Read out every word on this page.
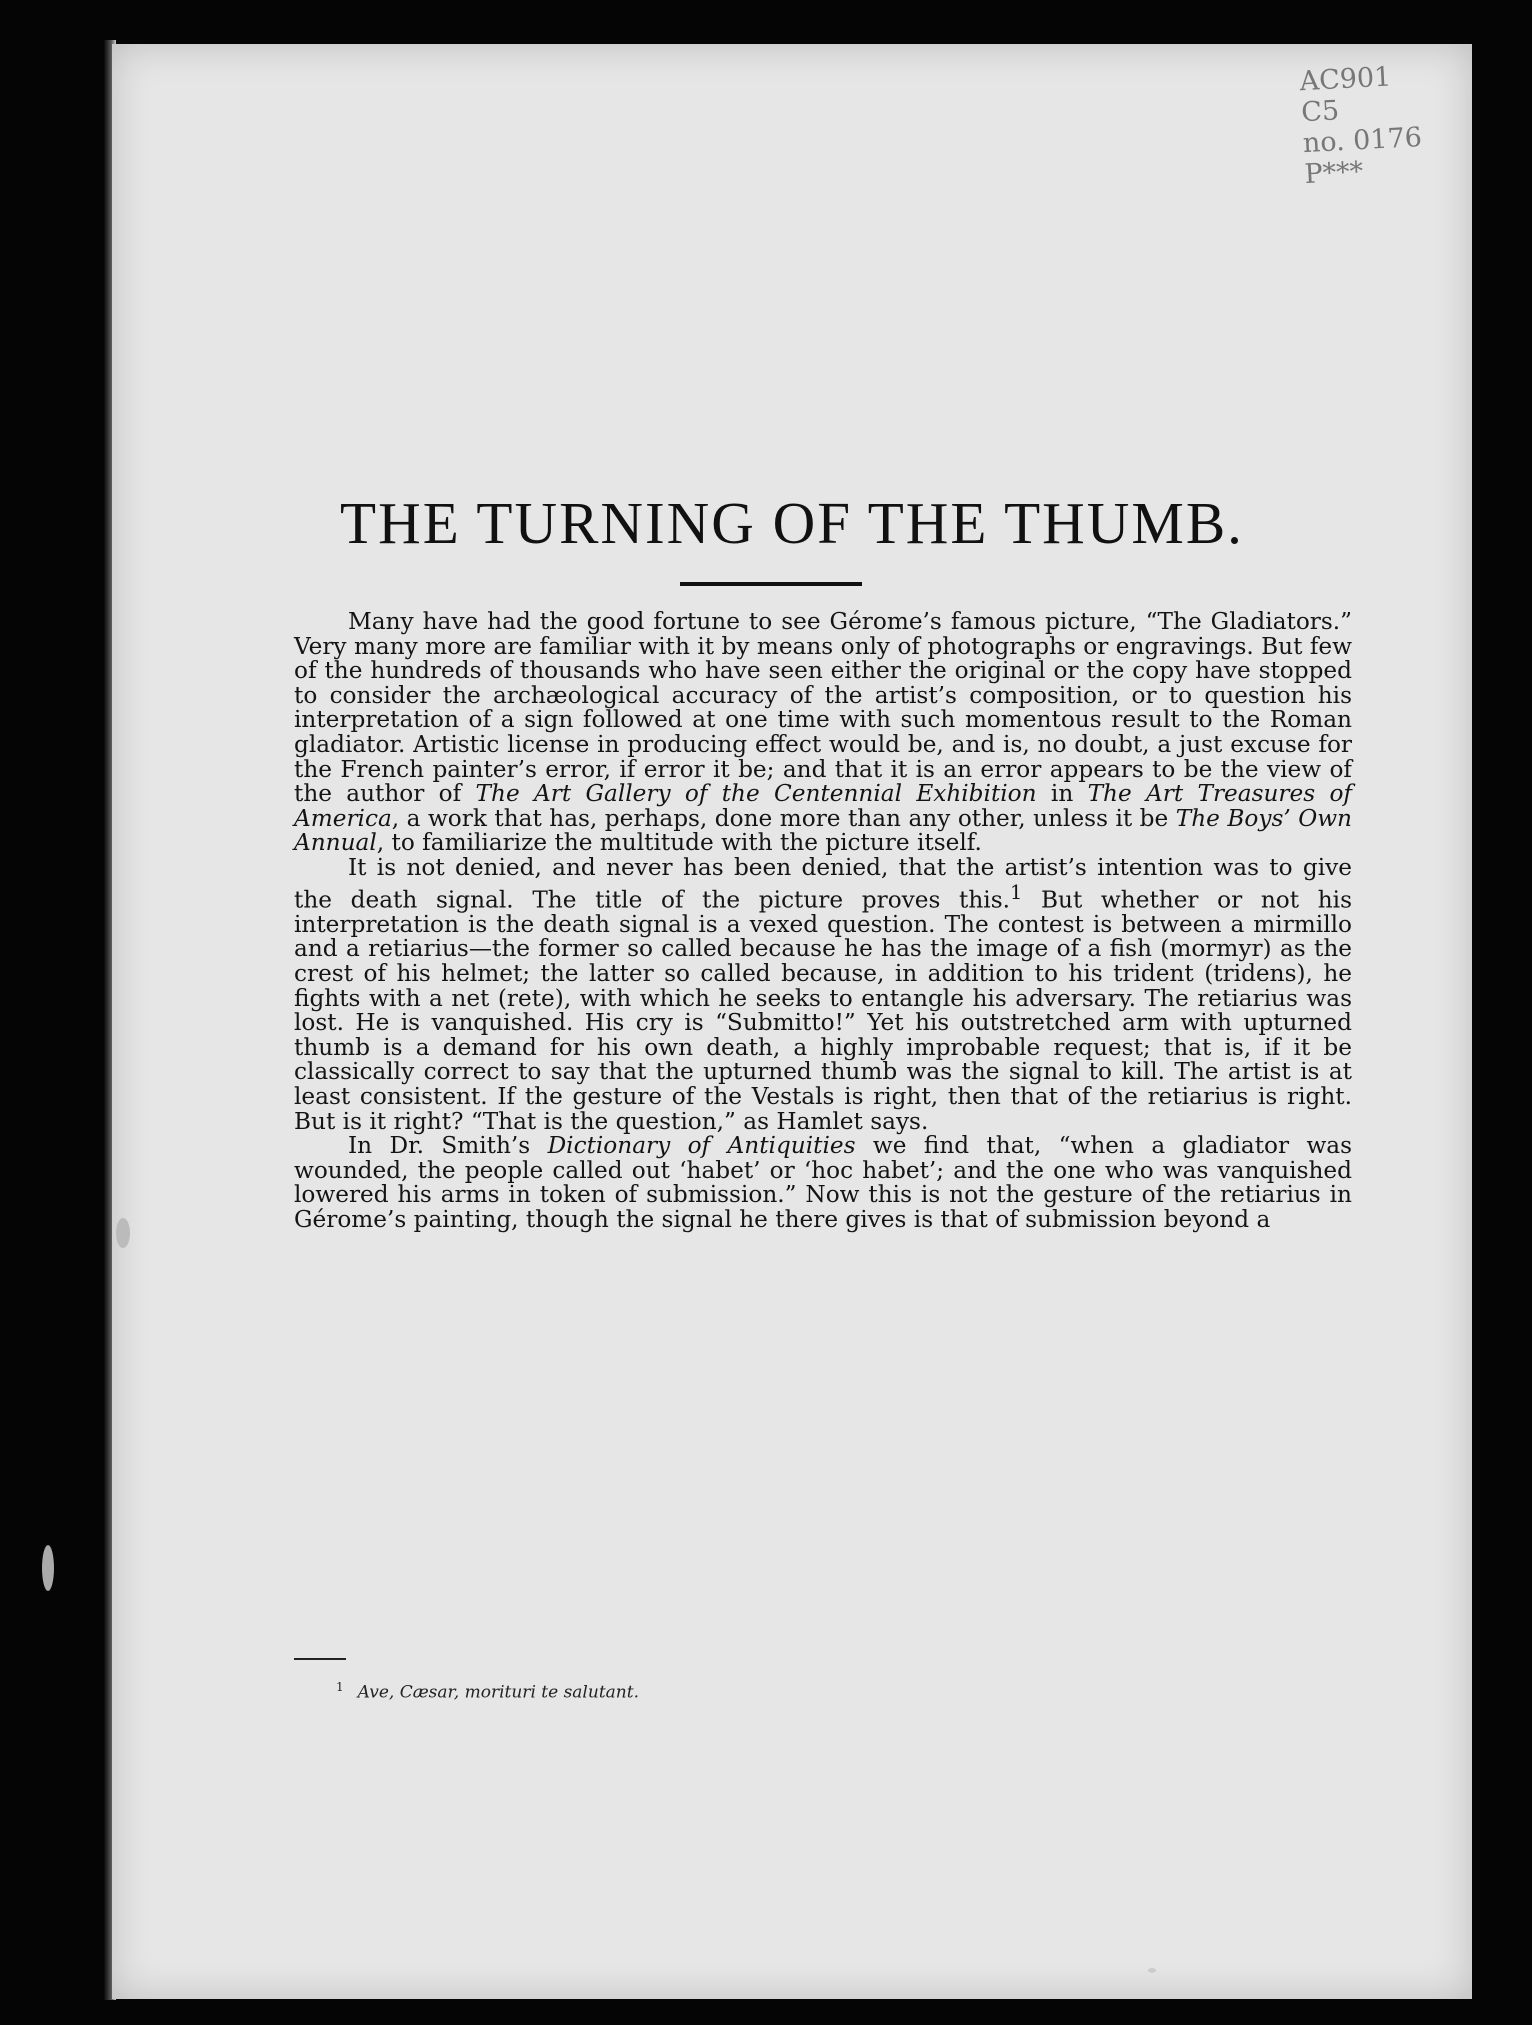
AC901
C5
no. 0176
P***
THE TURNING OF THE THUMB.

Many have had the good fortune to see Gérome’s famous picture, “The Gladiators.” Very many more are familiar with it by means only of photographs or engravings. But few of the hundreds of thousands who have seen either the original or the copy have stopped to consider the archæological accuracy of the artist’s composition, or to question his interpretation of a sign followed at one time with such momentous result to the Roman gladiator. Artistic license in producing effect would be, and is, no doubt, a just excuse for the French painter’s error, if error it be; and that it is an error appears to be the view of the author of The Art Gallery of the Centennial Exhibition in The Art Treasures of America, a work that has, perhaps, done more than any other, unless it be The Boys’ Own Annual, to familiarize the multitude with the picture itself.

It is not denied, and never has been denied, that the artist’s intention was to give the death signal. The title of the picture proves this.$^1$ But whether or not his interpretation is the death signal is a vexed question. The contest is between a mirmillo and a retiarius—the former so called because he has the image of a fish (mormyr) as the crest of his helmet; the latter so called because, in addition to his trident (tridens), he fights with a net (rete), with which he seeks to entangle his adversary. The retiarius was lost. He is vanquished. His cry is “Submitto!” Yet his outstretched arm with upturned thumb is a demand for his own death, a highly improbable request; that is, if it be classically correct to say that the upturned thumb was the signal to kill. The artist is at least consistent. If the gesture of the Vestals is right, then that of the retiarius is right. But is it right? “That is the question,” as Hamlet says.

In Dr. Smith’s Dictionary of Antiquities we find that, “when a gladiator was wounded, the people called out ‘habet’ or ‘hoc habet’; and the one who was vanquished lowered his arms in token of submission.” Now this is not the gesture of the retiarius in Gérome’s painting, though the signal he there gives is that of submission beyond a

$^1$ Ave, Cæsar, morituri te salutant.
